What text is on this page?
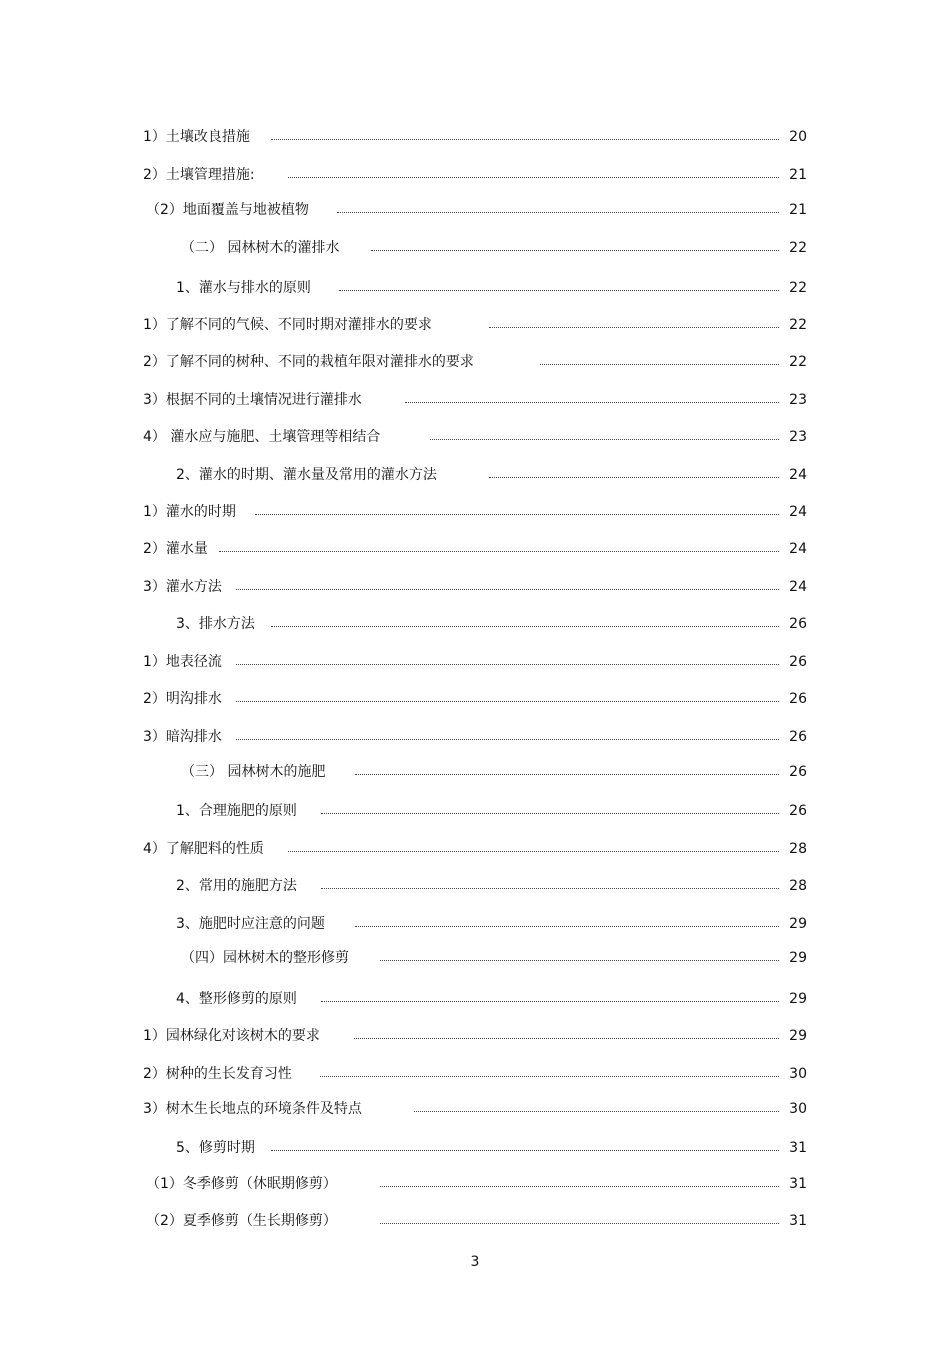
1）土壤改良措施	20
2）土壤管理措施:	21
（2）地面覆盖与地被植物	21
（二） 园林树木的灌排水	22
1、灌水与排水的原则	22
1）了解不同的气候、不同时期对灌排水的要求	22
2）了解不同的树种、不同的栽植年限对灌排水的要求	22
3）根据不同的土壤情况进行灌排水	23
4） 灌水应与施肥、土壤管理等相结合	23
2、灌水的时期、灌水量及常用的灌水方法	24
1）灌水的时期	24
2）灌水量	24
3）灌水方法	24
3、排水方法	26
1）地表径流	26
2）明沟排水	26
3）暗沟排水	26
（三） 园林树木的施肥	26
1、合理施肥的原则	26
4）了解肥料的性质	28
2、常用的施肥方法	28
3、施肥时应注意的问题	29
（四）园林树木的整形修剪	29
4、整形修剪的原则	29
1）园林绿化对该树木的要求	29
2）树种的生长发育习性	30
3）树木生长地点的环境条件及特点	30
5、修剪时期	31
（1）冬季修剪（休眠期修剪）	31
（2）夏季修剪（生长期修剪）	31
3
